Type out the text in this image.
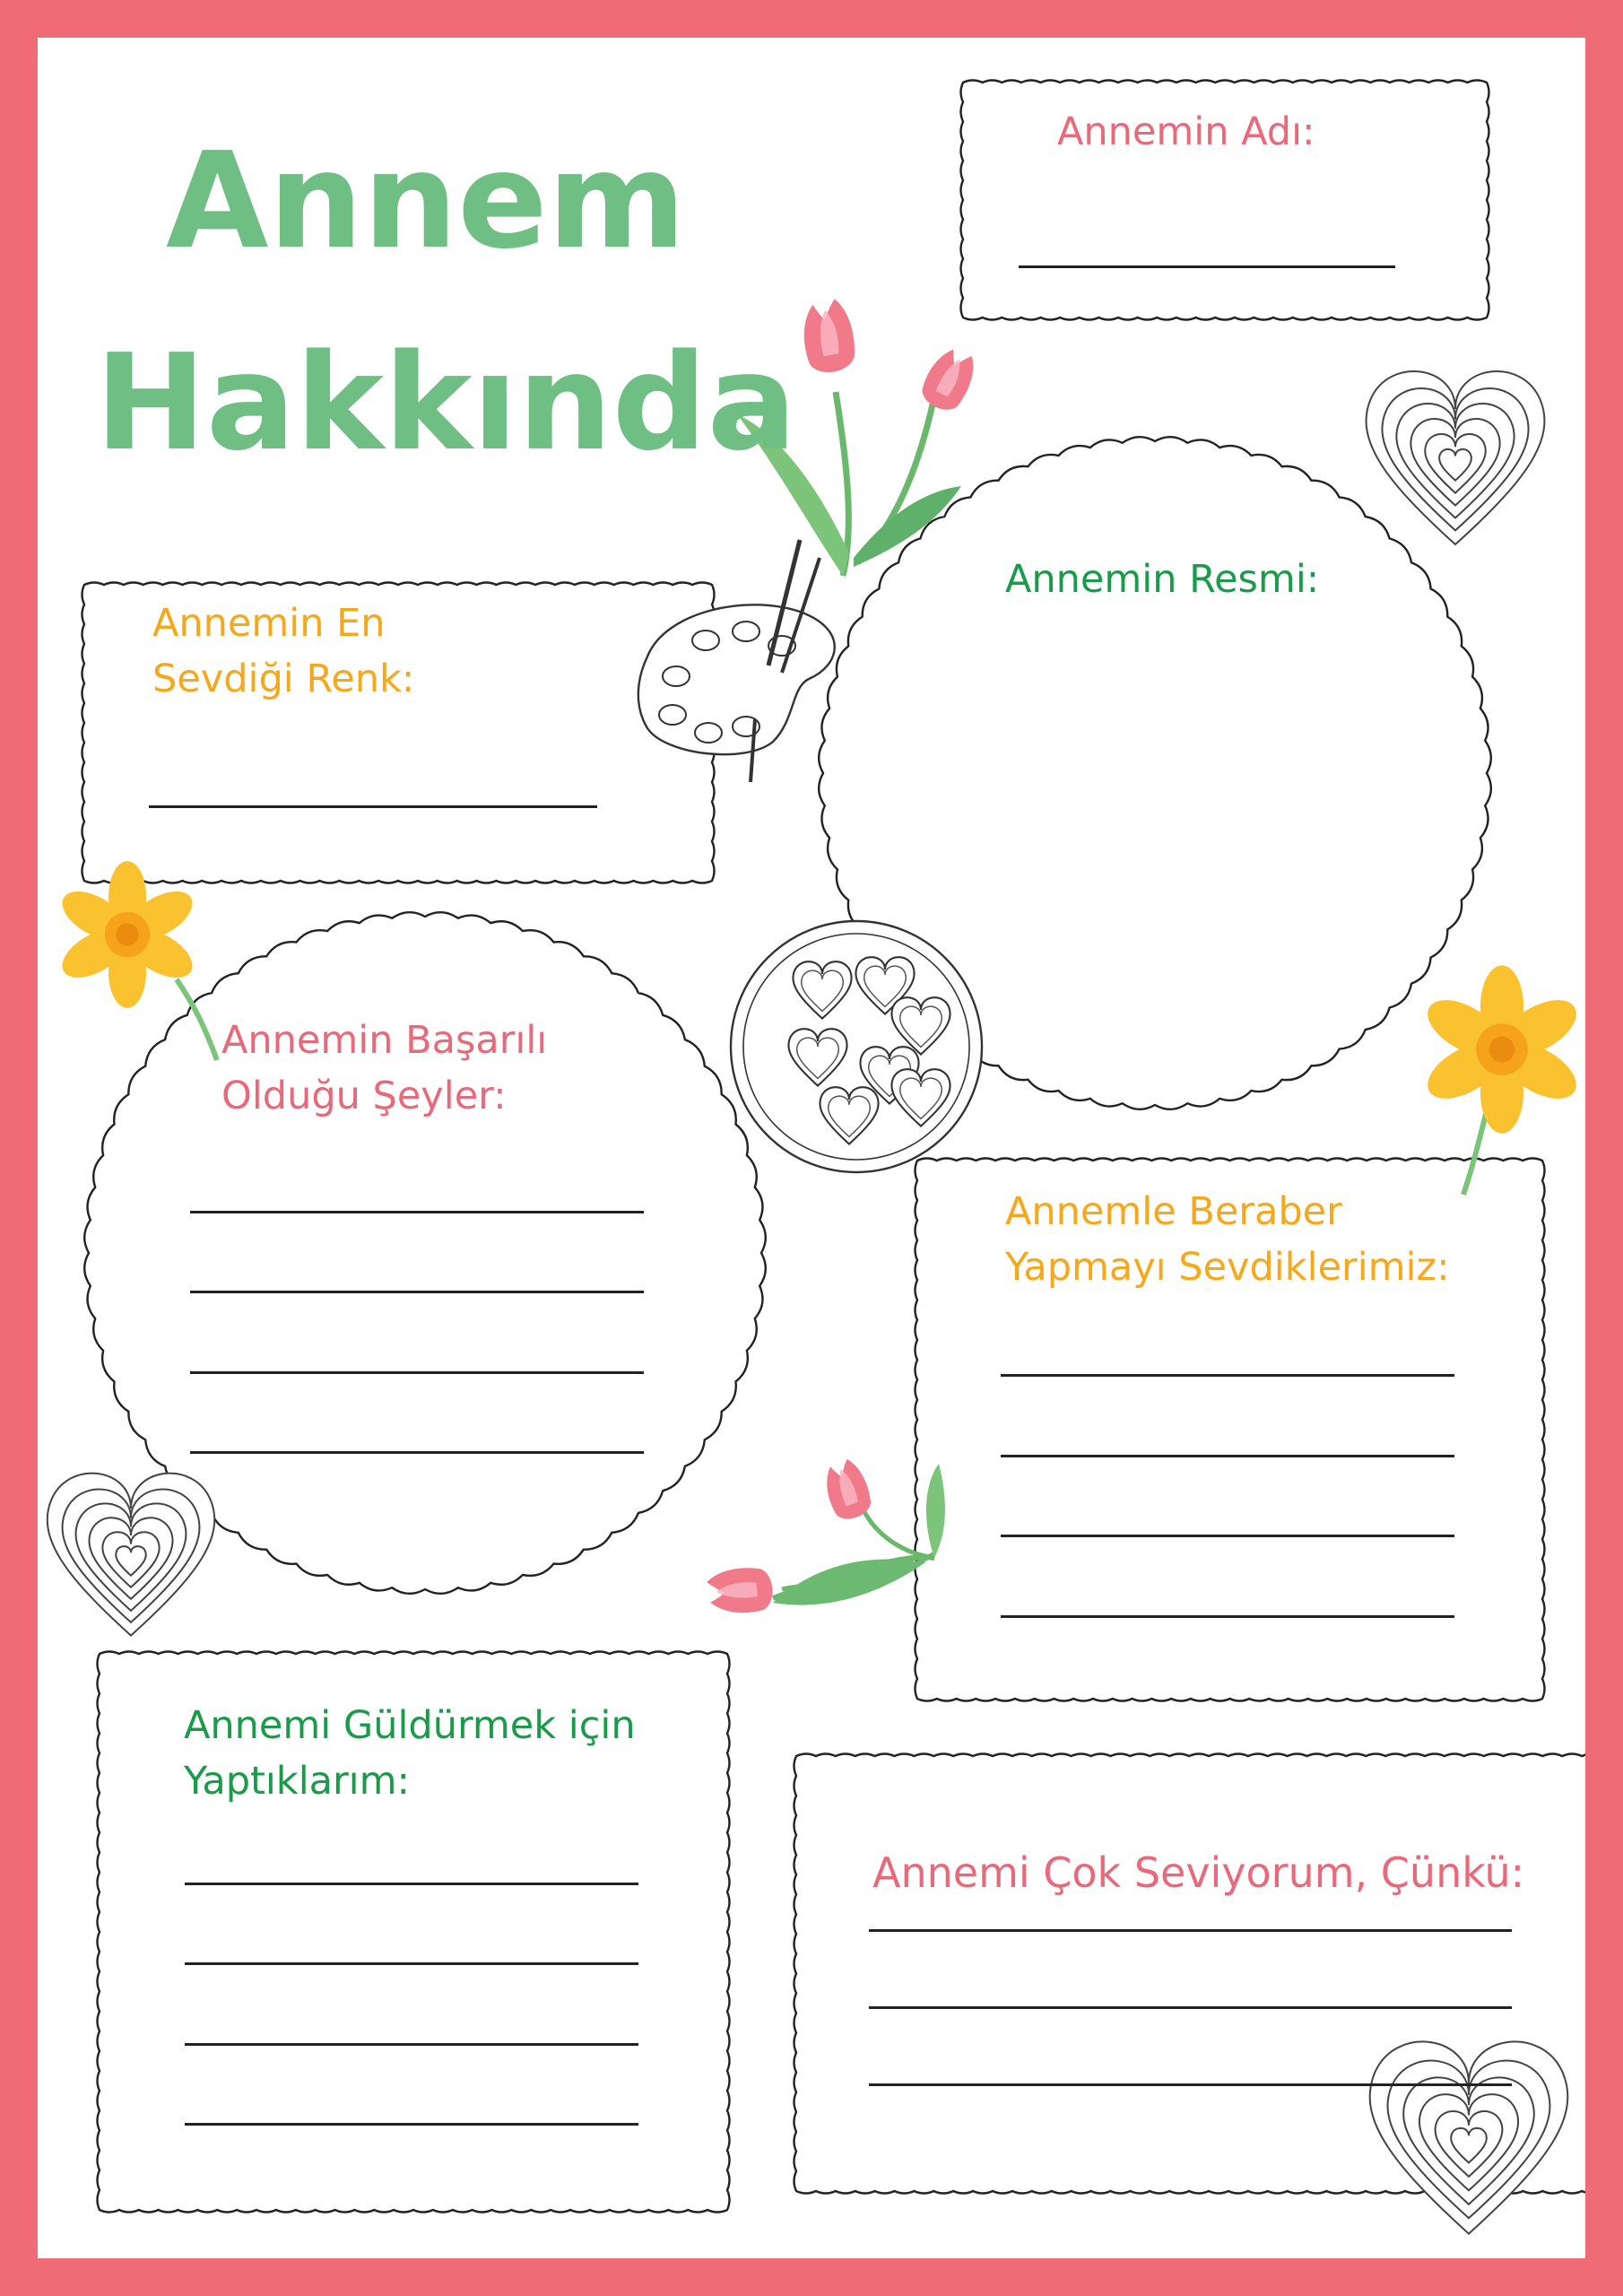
Annem
Hakkında
Annemin Adı:
Annemin Resmi:
Annemin En
Sevdiği Renk:
Annemin Başarılı
Olduğu Şeyler:
Annemle Beraber
Yapmayı Sevdiklerimiz:
Annemi Güldürmek için
Yaptıklarım:
Annemi Çok Seviyorum, Çünkü:
